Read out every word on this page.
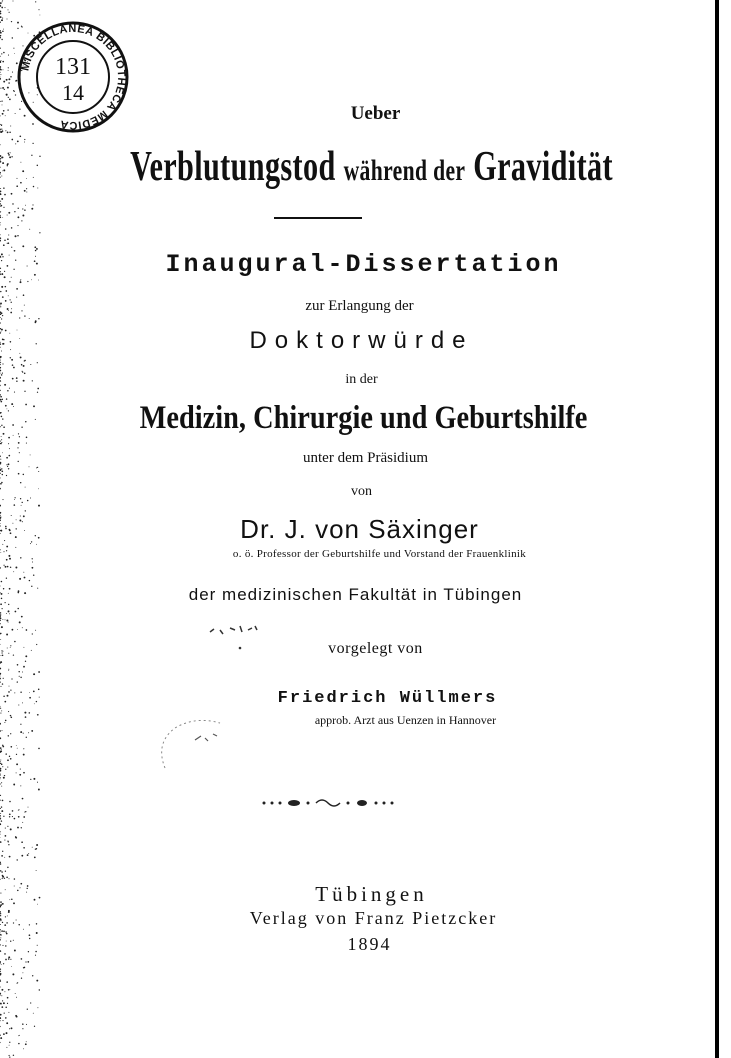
MISCELLANEA BIBLIOTHECA MEDICA
131
14
Ueber
Verblutungstod während der Gravidität
Inaugural-Dissertation
zur Erlangung der
Doktorwürde
in der
Medizin, Chirurgie und Geburtshilfe
unter dem Präsidium
von
Dr. J. von Säxinger
o. ö. Professor der Geburtshilfe und Vorstand der Frauenklinik
der medizinischen Fakultät in Tübingen
vorgelegt von
Friedrich Wüllmers
approb. Arzt aus Uenzen in Hannover
Tübingen
Verlag von Franz Pietzcker
1894
